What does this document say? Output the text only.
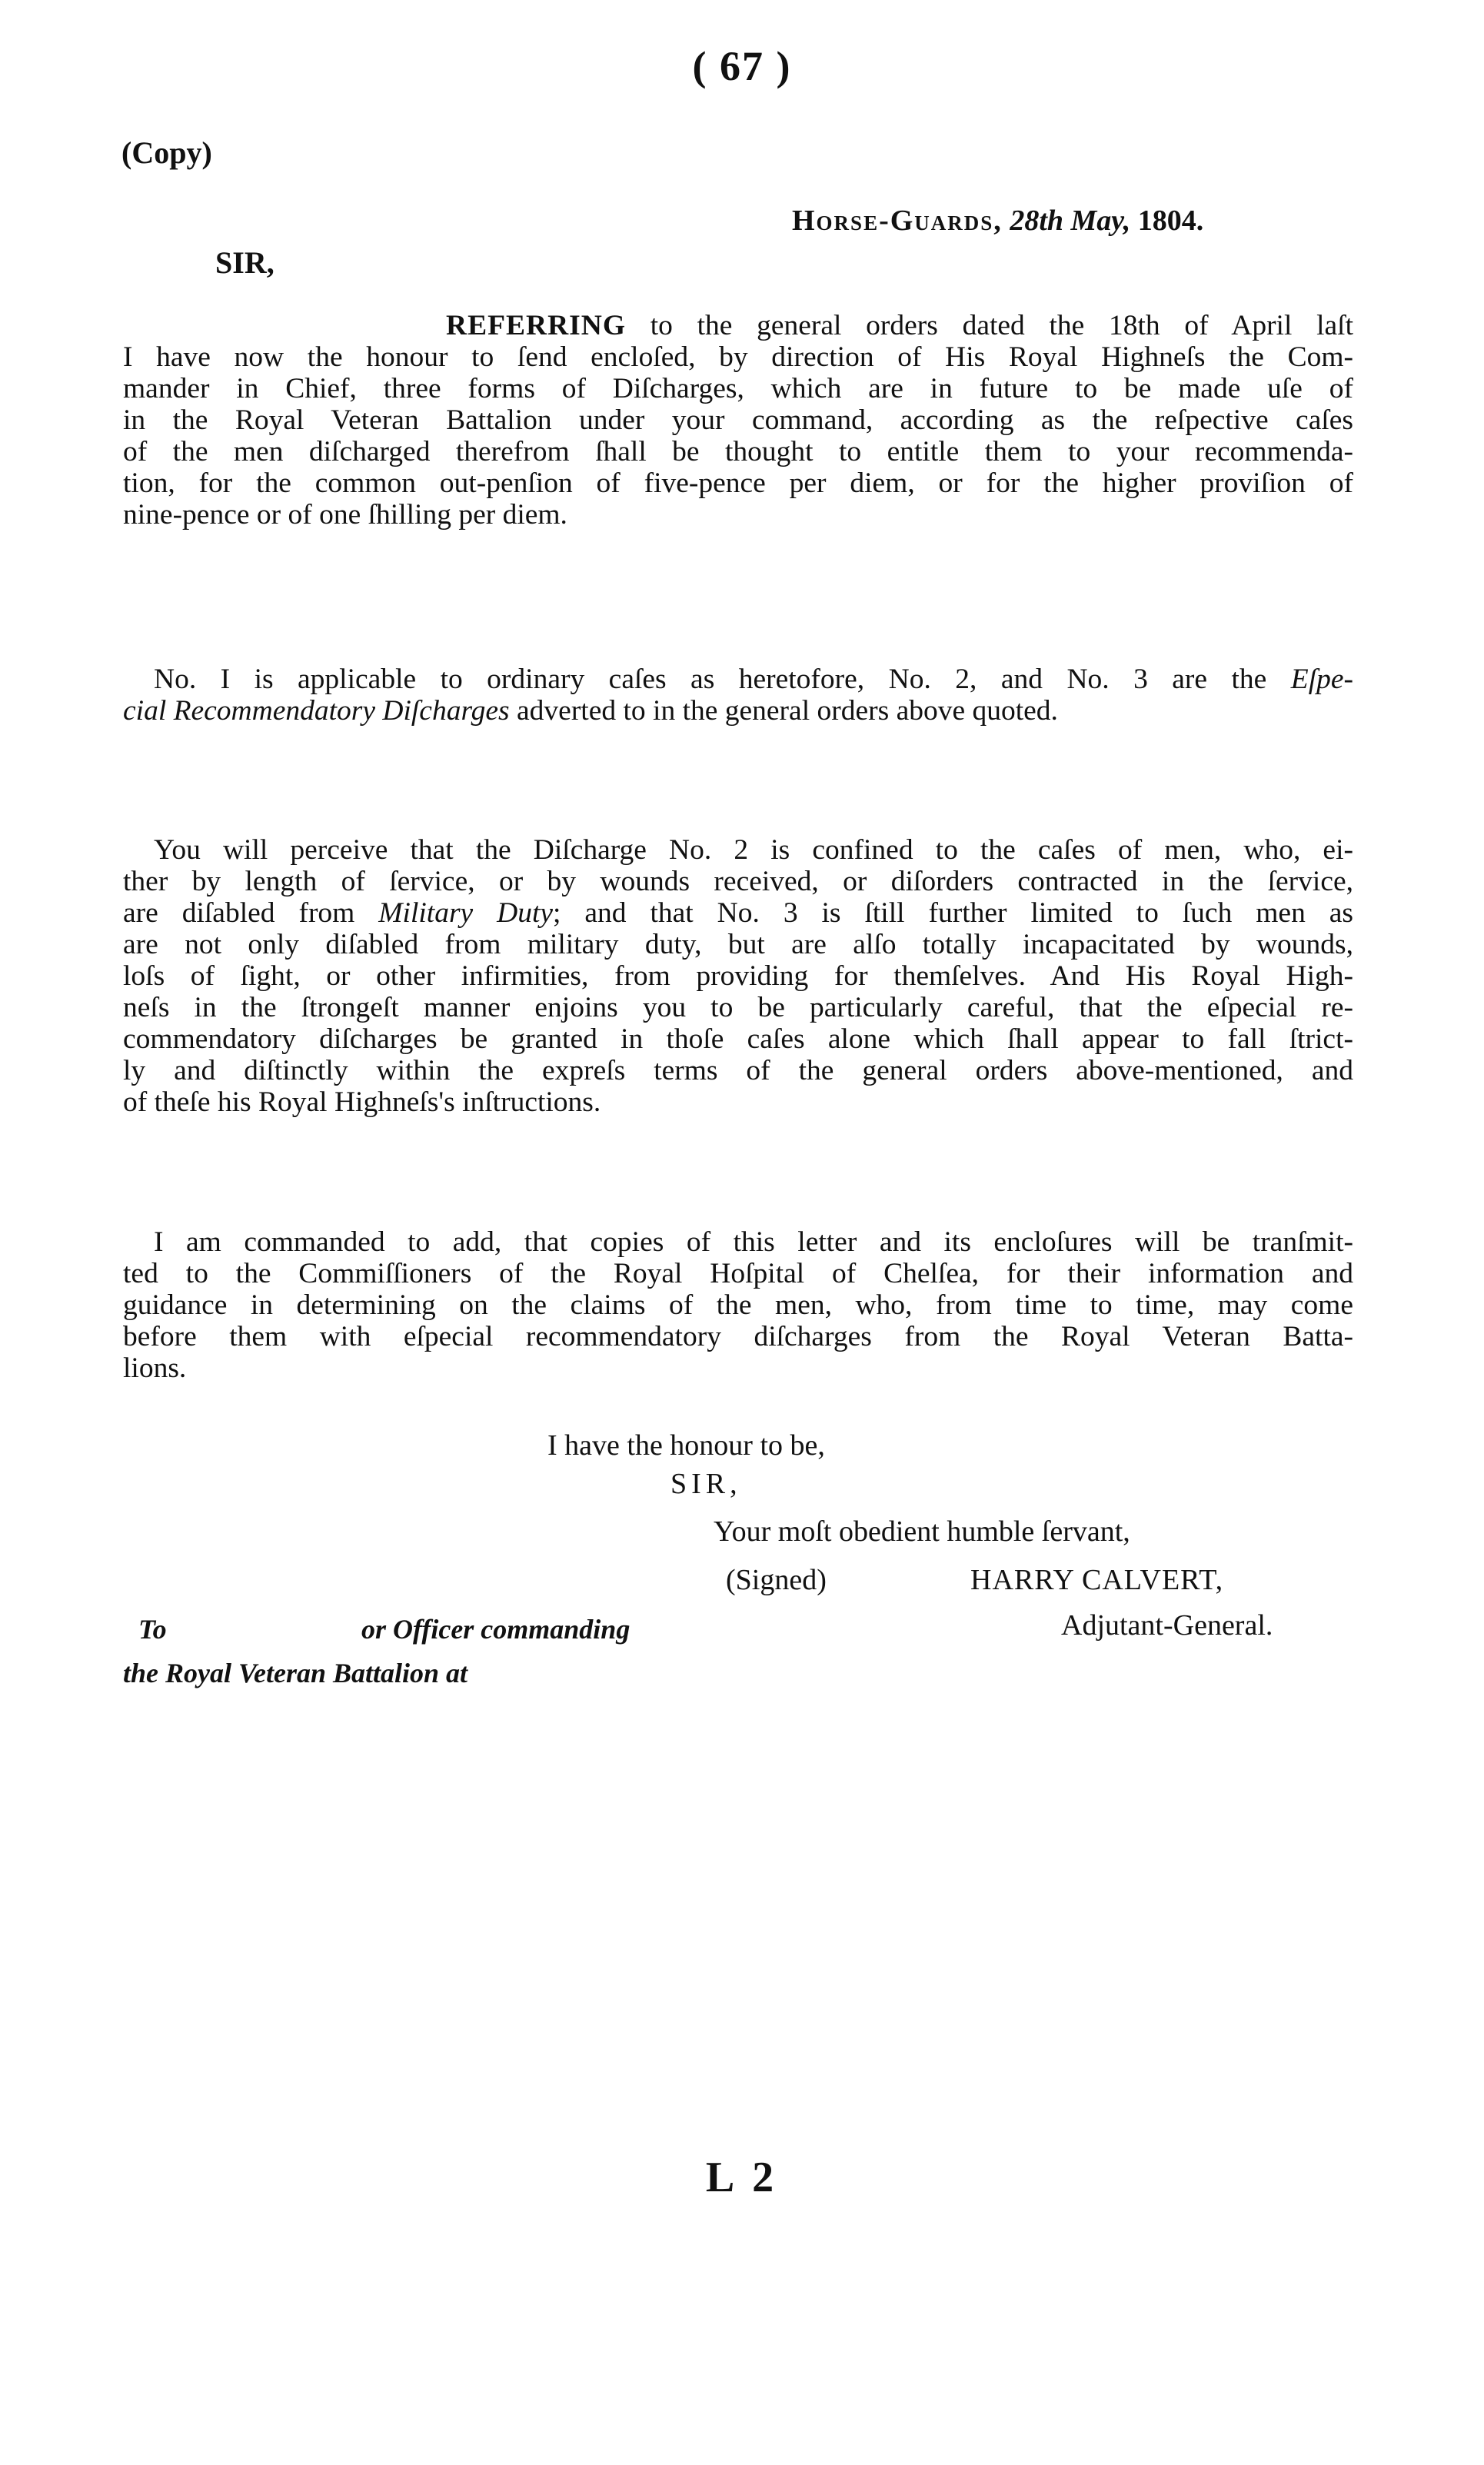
( 67 )

(Copy)

Horse-Guards, 28th May, 1804.

SIR,

REFERRING to the general orders dated the 18th of April laſt
I have now the honour to ſend encloſed, by direction of His Royal Highneſs the Com-
mander in Chief, three forms of Diſcharges, which are in future to be made uſe of
in the Royal Veteran Battalion under your command, according as the reſpective caſes
of the men diſcharged therefrom ſhall be thought to entitle them to your recommenda-
tion, for the common out-penſion of five-pence per diem, or for the higher proviſion of
nine-pence or of one ſhilling per diem.
No. I is applicable to ordinary caſes as heretofore, No. 2, and No. 3 are the Eſpe-
cial Recommendatory Diſcharges adverted to in the general orders above quoted.
You will perceive that the Diſcharge No. 2 is confined to the caſes of men, who, ei-
ther by length of ſervice, or by wounds received, or diſorders contracted in the ſervice,
are diſabled from Military Duty; and that No. 3 is ſtill further limited to ſuch men as
are not only diſabled from military duty, but are alſo totally incapacitated by wounds,
loſs of ſight, or other infirmities, from providing for themſelves. And His Royal High-
neſs in the ſtrongeſt manner enjoins you to be particularly careful, that the eſpecial re-
commendatory diſcharges be granted in thoſe caſes alone which ſhall appear to fall ſtrict-
ly and diſtinctly within the expreſs terms of the general orders above-mentioned, and
of theſe his Royal Highneſs's inſtructions.
I am commanded to add, that copies of this letter and its encloſures will be tranſmit-
ted to the Commiſſioners of the Royal Hoſpital of Chelſea, for their information and
guidance in determining on the claims of the men, who, from time to time, may come
before them with eſpecial recommendatory diſcharges from the Royal Veteran Batta-
lions.

I have the honour to be,

SIR,

Your moſt obedient humble ſervant,

(Signed)	HARRY CALVERT,

Adjutant-General.

To	or Officer commanding

the Royal Veteran Battalion at

L 2
